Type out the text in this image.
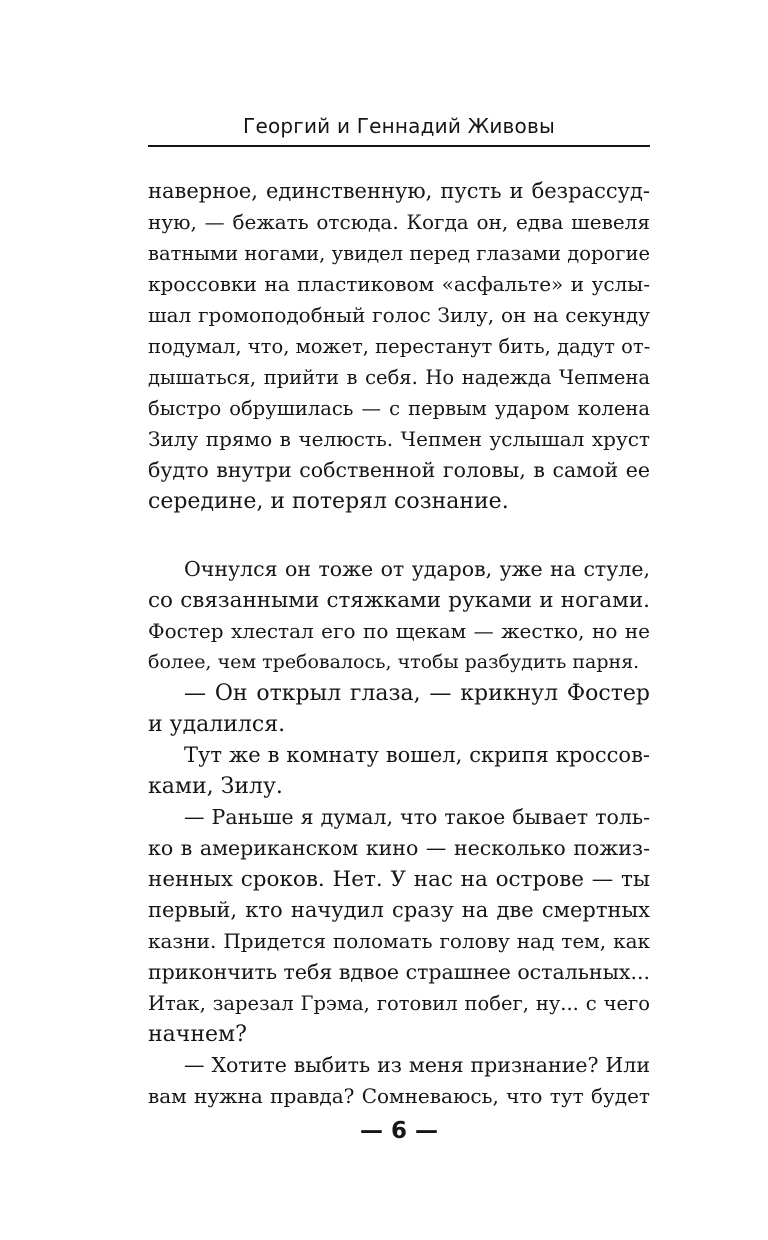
Георгий и Геннадий Живовы
наверное, единственную, пусть и безрассуд-
ную, — бежать отсюда. Когда он, едва шевеля
ватными ногами, увидел перед глазами дорогие
кроссовки на пластиковом «асфальте» и услы-
шал громоподобный голос Зилу, он на секунду
подумал, что, может, перестанут бить, дадут от-
дышаться, прийти в себя. Но надежда Чепмена
быстро обрушилась — с первым ударом колена
Зилу прямо в челюсть. Чепмен услышал хруст
будто внутри собственной головы, в самой ее
середине, и потерял сознание.
Очнулся он тоже от ударов, уже на стуле,
со связанными стяжками руками и ногами.
Фостер хлестал его по щекам — жестко, но не
более, чем требовалось, чтобы разбудить парня.
— Он открыл глаза, — крикнул Фостер
и удалился.
Тут же в комнату вошел, скрипя кроссов-
ками, Зилу.
— Раньше я думал, что такое бывает толь-
ко в американском кино — несколько пожиз-
ненных сроков. Нет. У нас на острове — ты
первый, кто начудил сразу на две смертных
казни. Придется поломать голову над тем, как
прикончить тебя вдвое страшнее остальных...
Итак, зарезал Грэма, готовил побег, ну... с чего
начнем?
— Хотите выбить из меня признание? Или
вам нужна правда? Сомневаюсь, что тут будет
— 6 —
